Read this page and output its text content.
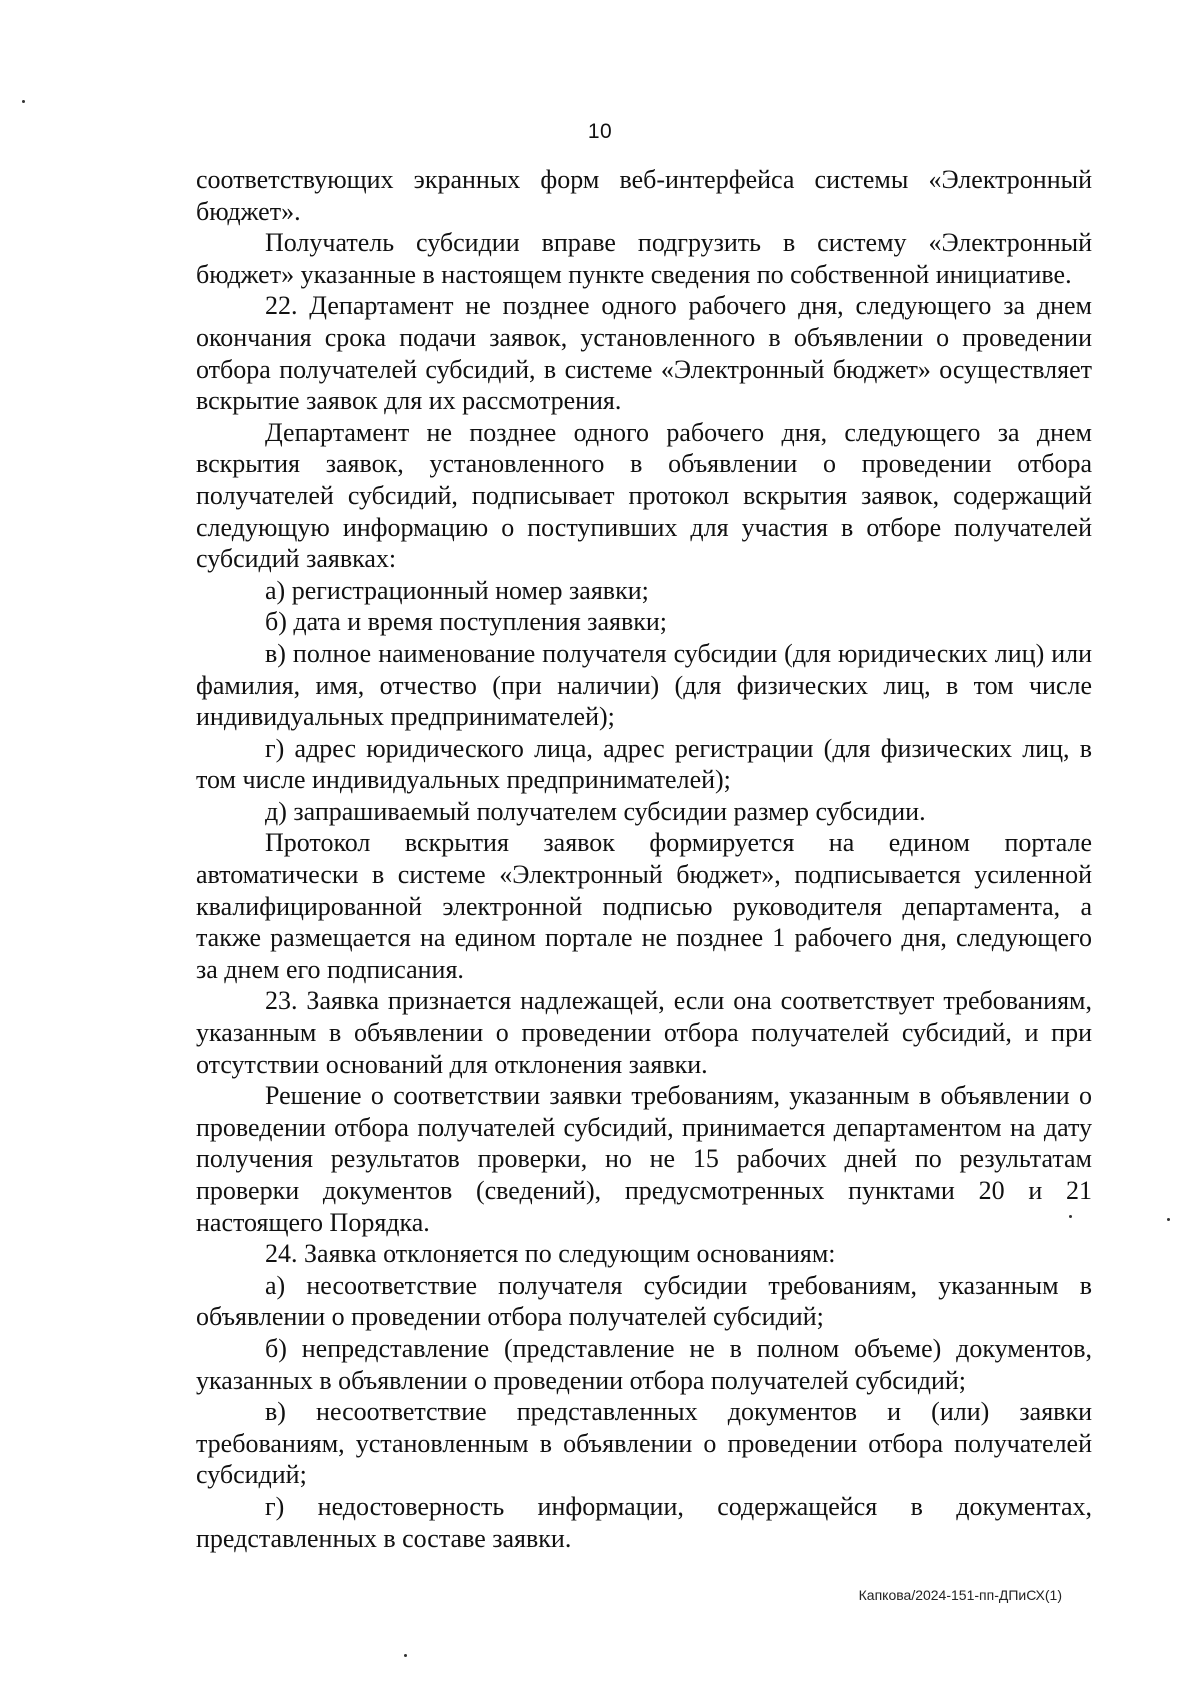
10

соответствующих экранных форм веб-интерфейса системы «Электронный бюджет».

Получатель субсидии вправе подгрузить в систему «Электронный бюджет» указанные в настоящем пункте сведения по собственной инициативе.

22. Департамент не позднее одного рабочего дня, следующего за днем окончания срока подачи заявок, установленного в объявлении о проведении отбора получателей субсидий, в системе «Электронный бюджет» осуществляет вскрытие заявок для их рассмотрения.

Департамент не позднее одного рабочего дня, следующего за днем вскрытия заявок, установленного в объявлении о проведении отбора получателей субсидий, подписывает протокол вскрытия заявок, содержащий следующую информацию о поступивших для участия в отборе получателей субсидий заявках:

а) регистрационный номер заявки;

б) дата и время поступления заявки;

в) полное наименование получателя субсидии (для юридических лиц) или фамилия, имя, отчество (при наличии) (для физических лиц, в том числе индивидуальных предпринимателей);

г) адрес юридического лица, адрес регистрации (для физических лиц, в том числе индивидуальных предпринимателей);

д) запрашиваемый получателем субсидии размер субсидии.

Протокол вскрытия заявок формируется на едином портале автоматически в системе «Электронный бюджет», подписывается усиленной квалифицированной электронной подписью руководителя департамента, а также размещается на едином портале не позднее 1 рабочего дня, следующего за днем его подписания.

23. Заявка признается надлежащей, если она соответствует требованиям, указанным в объявлении о проведении отбора получателей субсидий, и при отсутствии оснований для отклонения заявки.

Решение о соответствии заявки требованиям, указанным в объявлении о проведении отбора получателей субсидий, принимается департаментом на дату получения результатов проверки, но не 15 рабочих дней по результатам проверки документов (сведений), предусмотренных пунктами 20 и 21 настоящего Порядка.

24. Заявка отклоняется по следующим основаниям:

а) несоответствие получателя субсидии требованиям, указанным в объявлении о проведении отбора получателей субсидий;

б) непредставление (представление не в полном объеме) документов, указанных в объявлении о проведении отбора получателей субсидий;

в) несоответствие представленных документов и (или) заявки требованиям, установленным в объявлении о проведении отбора получателей субсидий;

г) недостоверность информации, содержащейся в документах, представленных в составе заявки.

Капкова/2024-151-пп-ДПиСХ(1)
